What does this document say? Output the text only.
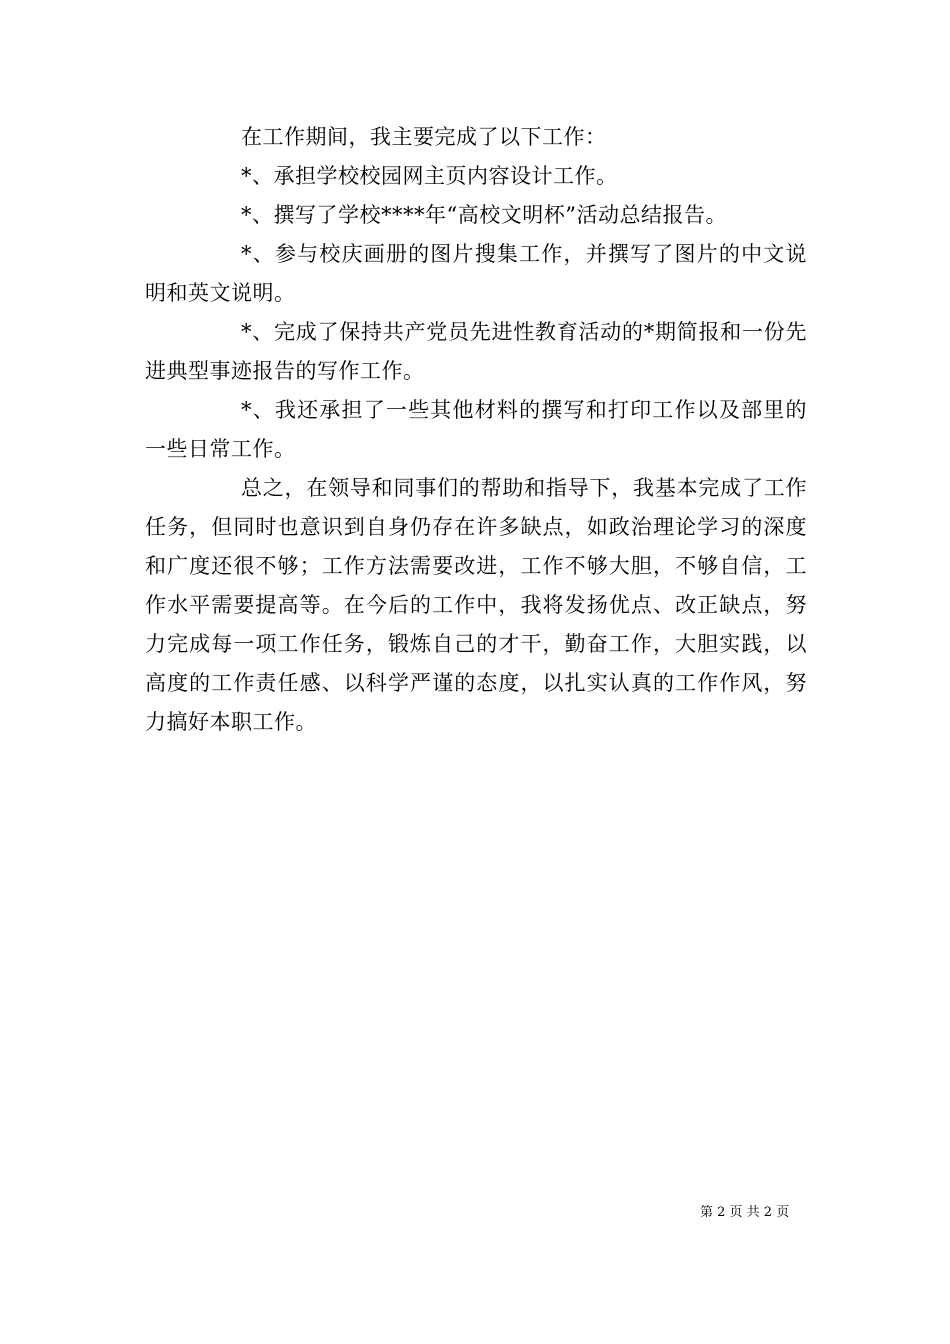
在工作期间，我主要完成了以下工作：

*、承担学校校园网主页内容设计工作。

*、撰写了学校****年“高校文明杯”活动总结报告。

*、参与校庆画册的图片搜集工作，并撰写了图片的中文说明和英文说明。

*、完成了保持共产党员先进性教育活动的*期简报和一份先进典型事迹报告的写作工作。

*、我还承担了一些其他材料的撰写和打印工作以及部里的一些日常工作。

总之，在领导和同事们的帮助和指导下，我基本完成了工作任务，但同时也意识到自身仍存在许多缺点，如政治理论学习的深度和广度还很不够；工作方法需要改进，工作不够大胆，不够自信，工作水平需要提高等。在今后的工作中，我将发扬优点、改正缺点，努力完成每一项工作任务，锻炼自己的才干，勤奋工作，大胆实践，以高度的工作责任感、以科学严谨的态度，以扎实认真的工作作风，努力搞好本职工作。

第 2 页 共 2 页
